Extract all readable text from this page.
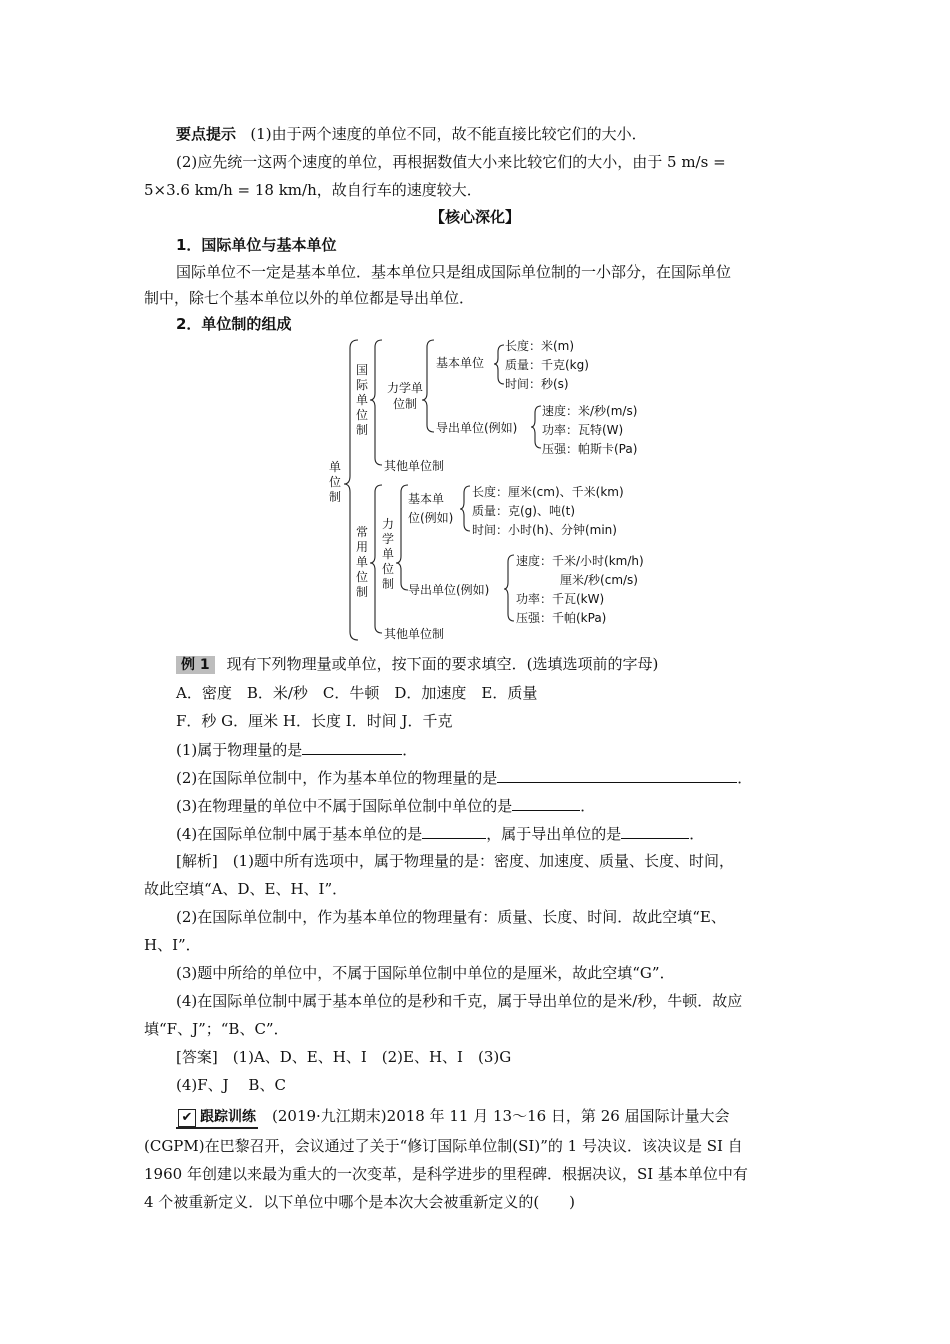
要点提示 (1)由于两个速度的单位不同，故不能直接比较它们的大小．
(2)应先统一这两个速度的单位，再根据数值大小来比较它们的大小，由于 5 m/s =
5×3.6 km/h = 18 km/h，故自行车的速度较大．
【核心深化】
1．国际单位与基本单位
国际单位不一定是基本单位．基本单位只是组成国际单位制的一小部分，在国际单位
制中，除七个基本单位以外的单位都是导出单位．
2．单位制的组成
单位制
国际单位制
力学单位制
基本单位
长度：米(m)
质量：千克(kg)
时间：秒(s)
导出单位(例如)
速度：米/秒(m/s)
功率：瓦特(W)
压强：帕斯卡(Pa)
其他单位制
常用单位制
力学单位制
基本单
位(例如)
长度：厘米(cm)、千米(km)
质量：克(g)、吨(t)
时间：小时(h)、分钟(min)
导出单位(例如)
速度：千米/小时(km/h)
厘米/秒(cm/s)
功率：千瓦(kW)
压强：千帕(kPa)
其他单位制
例 1 现有下列物理量或单位，按下面的要求填空．(选填选项前的字母)
A．密度　B．米/秒　C．牛顿　D．加速度　E．质量
F．秒 G．厘米 H．长度 I．时间 J．千克
(1)属于物理量的是	．
(2)在国际单位制中，作为基本单位的物理量的是	．
(3)在物理量的单位中不属于国际单位制中单位的是	．
(4)在国际单位制中属于基本单位的是	，属于导出单位的是	．
[解析]　(1)题中所有选项中，属于物理量的是：密度、加速度、质量、长度、时间，
故此空填“A、D、E、H、I”．
(2)在国际单位制中，作为基本单位的物理量有：质量、长度、时间．故此空填“E、
H、I”．
(3)题中所给的单位中，不属于国际单位制中单位的是厘米，故此空填“G”．
(4)在国际单位制中属于基本单位的是秒和千克，属于导出单位的是米/秒，牛顿．故应
填“F、J”；“B、C”．
[答案]　(1)A、D、E、H、I　(2)E、H、I　(3)G
(4)F、J　 B、C
✔ 跟踪训练 (2019·九江期末)2018 年 11 月 13～16 日，第 26 届国际计量大会
(CGPM)在巴黎召开，会议通过了关于“修订国际单位制(SI)”的 1 号决议．该决议是 SI 自
1960 年创建以来最为重大的一次变革，是科学进步的里程碑．根据决议，SI 基本单位中有
4 个被重新定义．以下单位中哪个是本次大会被重新定义的(　　)
